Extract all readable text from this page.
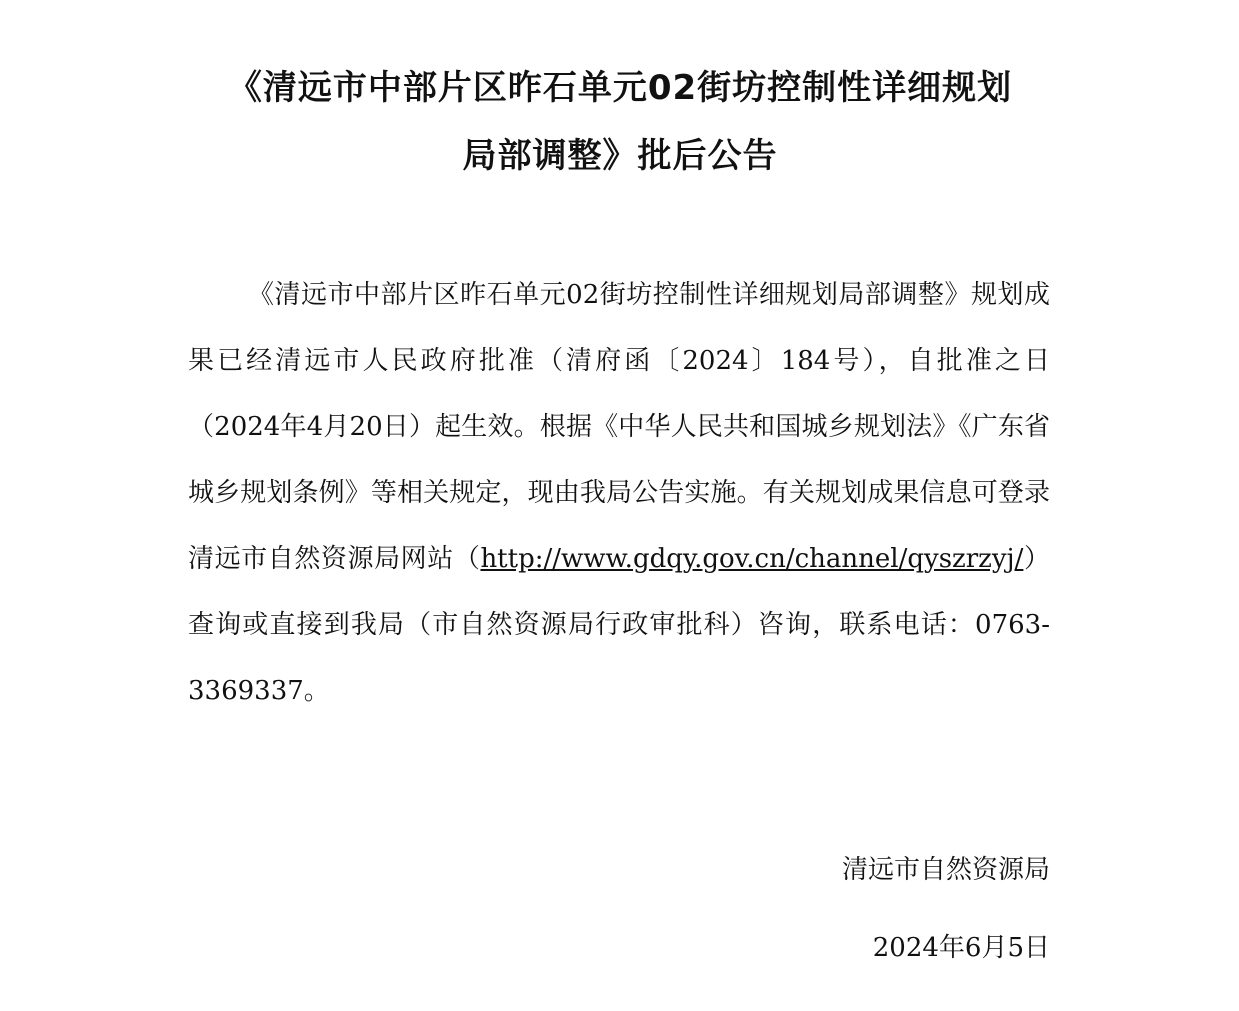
《清远市中部片区昨石单元02街坊控制性详细规划

局部调整》批后公告

《清远市中部片区昨石单元02街坊控制性详细规划局部调整》规划成果已经清远市人民政府批准（清府函〔2024〕184号），自批准之日（2024年4月20日）起生效。根据《中华人民共和国城乡规划法》《广东省城乡规划条例》等相关规定，现由我局公告实施。有关规划成果信息可登录清远市自然资源局网站（http://www.gdqy.gov.cn/channel/qyszrzyj/）查询或直接到我局（市自然资源局行政审批科）咨询，联系电话：0763-3369337。

清远市自然资源局
2024年6月5日
